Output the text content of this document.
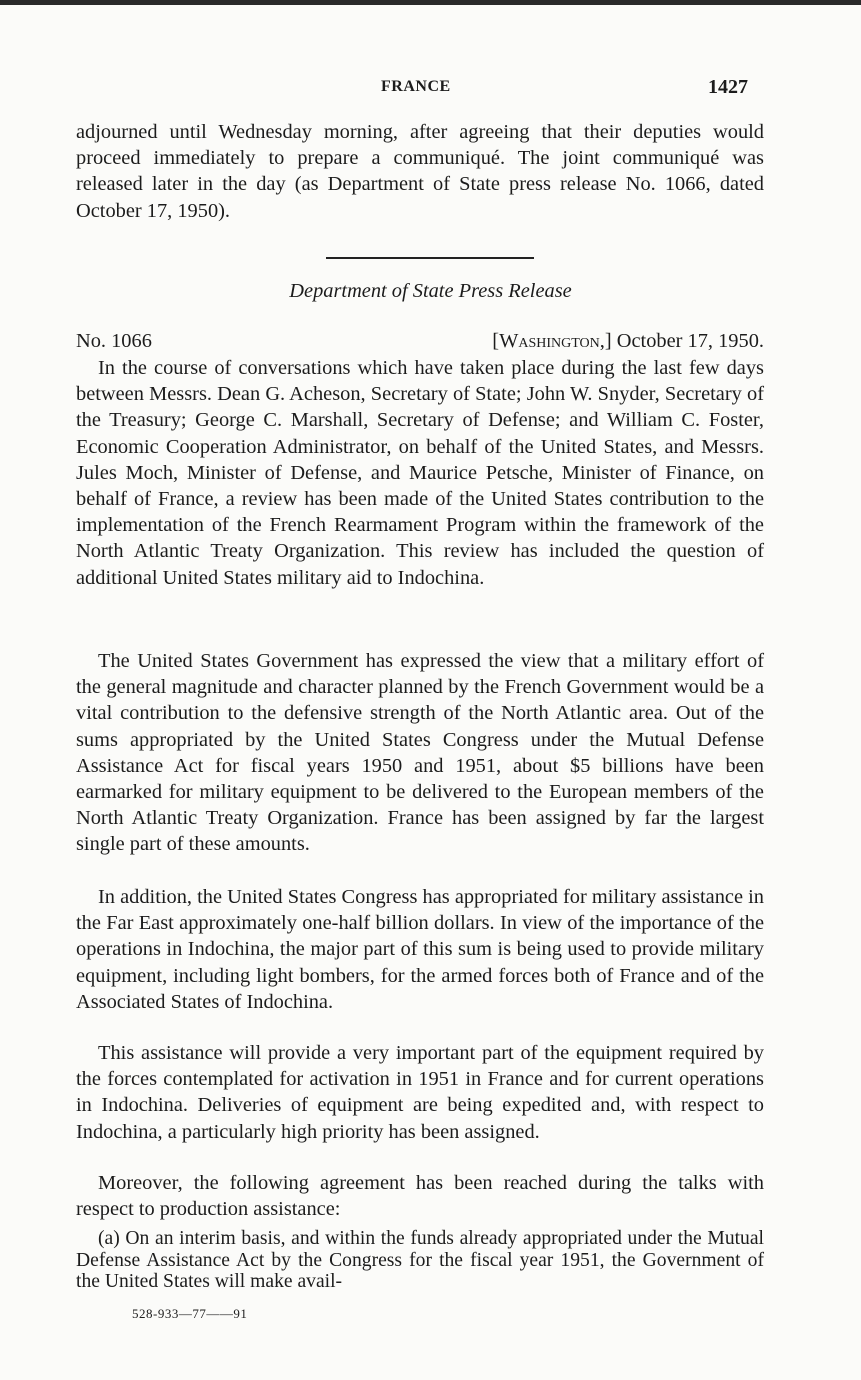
FRANCE	1427

adjourned until Wednesday morning, after agreeing that their deputies would proceed immediately to prepare a communiqué. The joint communiqué was released later in the day (as Department of State press release No. 1066, dated October 17, 1950).

Department of State Press Release
No. 1066	[Washington,] October 17, 1950.

In the course of conversations which have taken place during the last few days between Messrs. Dean G. Acheson, Secretary of State; John W. Snyder, Secretary of the Treasury; George C. Marshall, Secretary of Defense; and William C. Foster, Economic Cooperation Administrator, on behalf of the United States, and Messrs. Jules Moch, Minister of Defense, and Maurice Petsche, Minister of Finance, on behalf of France, a review has been made of the United States contribution to the implementation of the French Rearmament Program within the framework of the North Atlantic Treaty Organization. This review has included the question of additional United States military aid to Indochina.

The United States Government has expressed the view that a military effort of the general magnitude and character planned by the French Government would be a vital contribution to the defensive strength of the North Atlantic area. Out of the sums appropriated by the United States Congress under the Mutual Defense Assistance Act for fiscal years 1950 and 1951, about $5 billions have been earmarked for military equipment to be delivered to the European members of the North Atlantic Treaty Organization. France has been assigned by far the largest single part of these amounts.

In addition, the United States Congress has appropriated for military assistance in the Far East approximately one-half billion dollars. In view of the importance of the operations in Indochina, the major part of this sum is being used to provide military equipment, including light bombers, for the armed forces both of France and of the Associated States of Indochina.

This assistance will provide a very important part of the equipment required by the forces contemplated for activation in 1951 in France and for current operations in Indochina. Deliveries of equipment are being expedited and, with respect to Indochina, a particularly high priority has been assigned.

Moreover, the following agreement has been reached during the talks with respect to production assistance:

(a) On an interim basis, and within the funds already appropriated under the Mutual Defense Assistance Act by the Congress for the fiscal year 1951, the Government of the United States will make avail-

528-933—77——91
